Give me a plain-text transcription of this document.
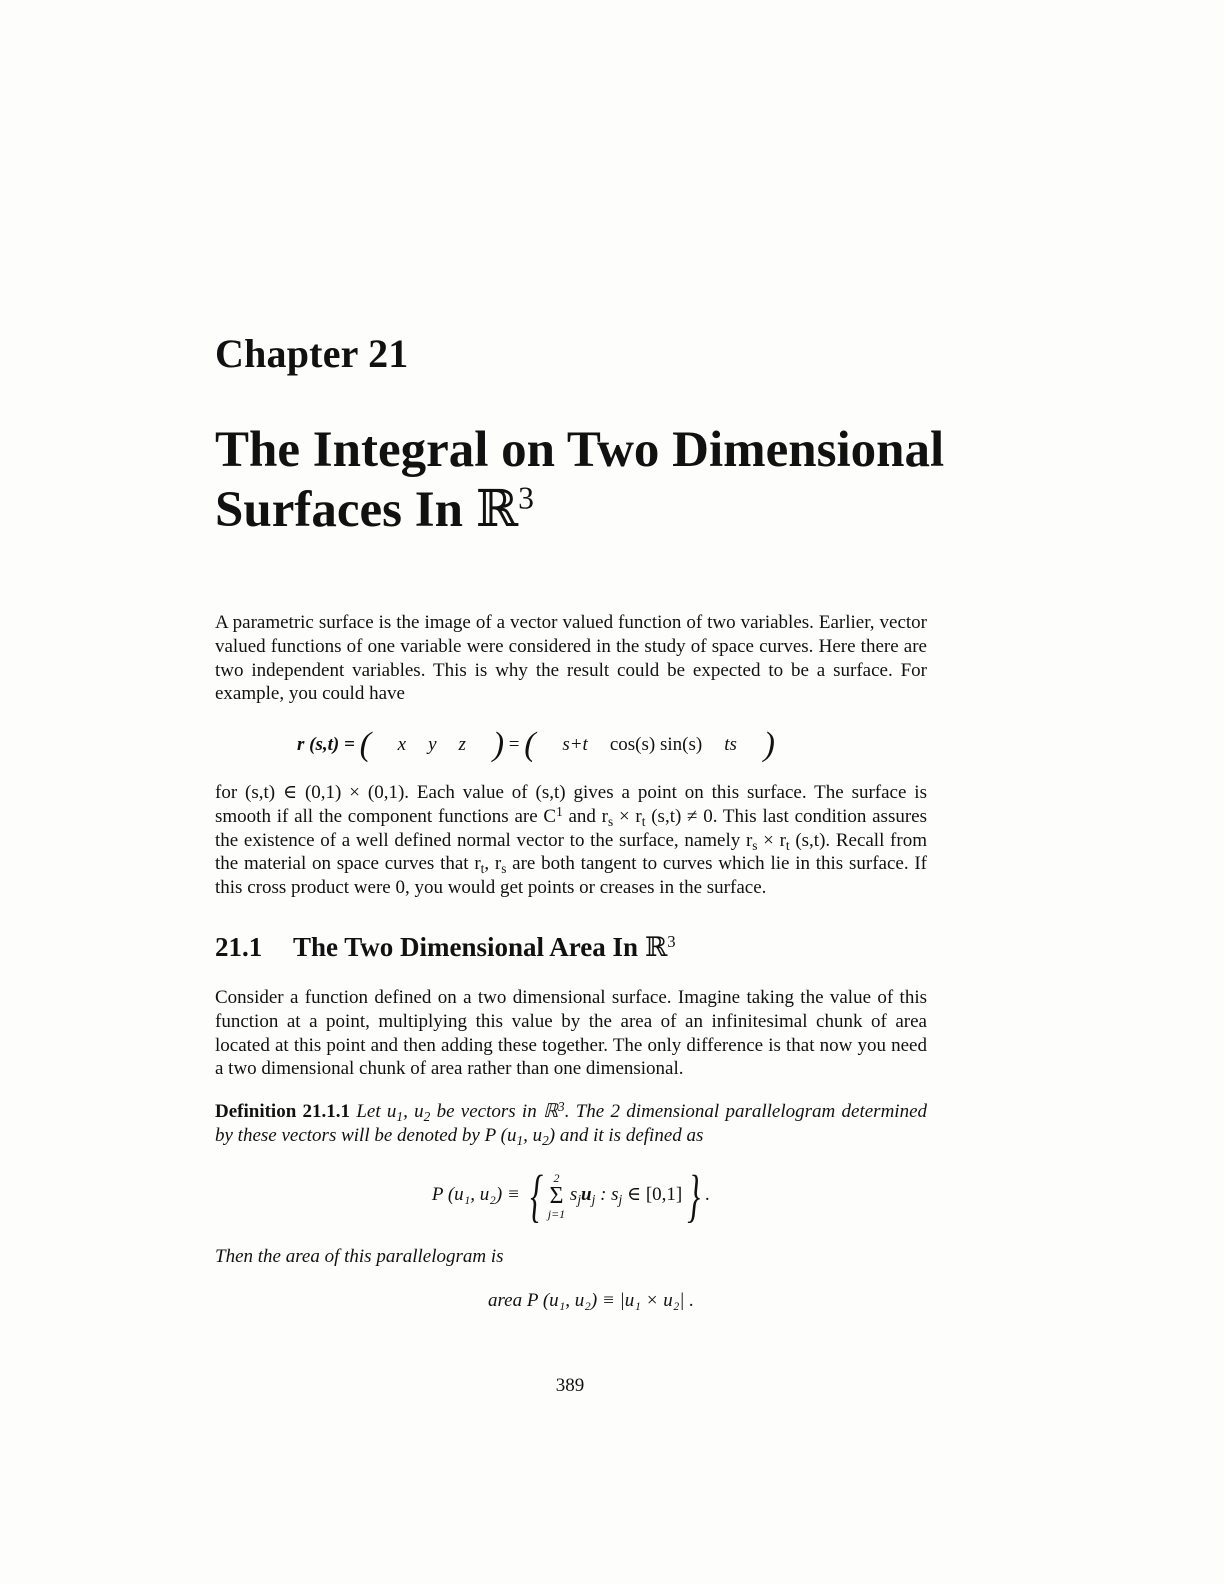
Chapter 21
The Integral on Two Dimensional
Surfaces In ℝ$^3$

A parametric surface is the image of a vector valued function of two variables. Earlier, vector valued functions of one variable were considered in the study of space curves. Here there are two independent variables. This is why the result could be expected to be a surface. For example, you could have

r (s,t) = ( x y z ) = ( s+t cos(s) sin(s) ts )

for (s,t) ∈ (0,1) × (0,1). Each value of (s,t) gives a point on this surface. The surface is smooth if all the component functions are $C^1$ and $r_s \times r_t$ (s,t) ≠ 0. This last condition assures the existence of a well defined normal vector to the surface, namely $r_s \times r_t$ (s,t). Recall from the material on space curves that $r_t$, $r_s$ are both tangent to curves which lie in this surface. If this cross product were 0, you would get points or creases in the surface.

21.1 The Two Dimensional Area In ℝ$^3$

Consider a function defined on a two dimensional surface. Imagine taking the value of this function at a point, multiplying this value by the area of an infinitesimal chunk of area located at this point and then adding these together. The only difference is that now you need a two dimensional chunk of area rather than one dimensional.

Definition 21.1.1 Let $u_1$, $u_2$ be vectors in ℝ$^3$. The 2 dimensional parallelogram determined by these vectors will be denoted by P ($u_1$, $u_2$) and it is defined as

P (u₁, u₂) ≡ { 2
Σ
j=1
$s_ju_j$ : $s_j$ ∈ [0,1]} .

Then the area of this parallelogram is

area P (u₁, u₂) ≡ |u₁ × u₂| .
389
